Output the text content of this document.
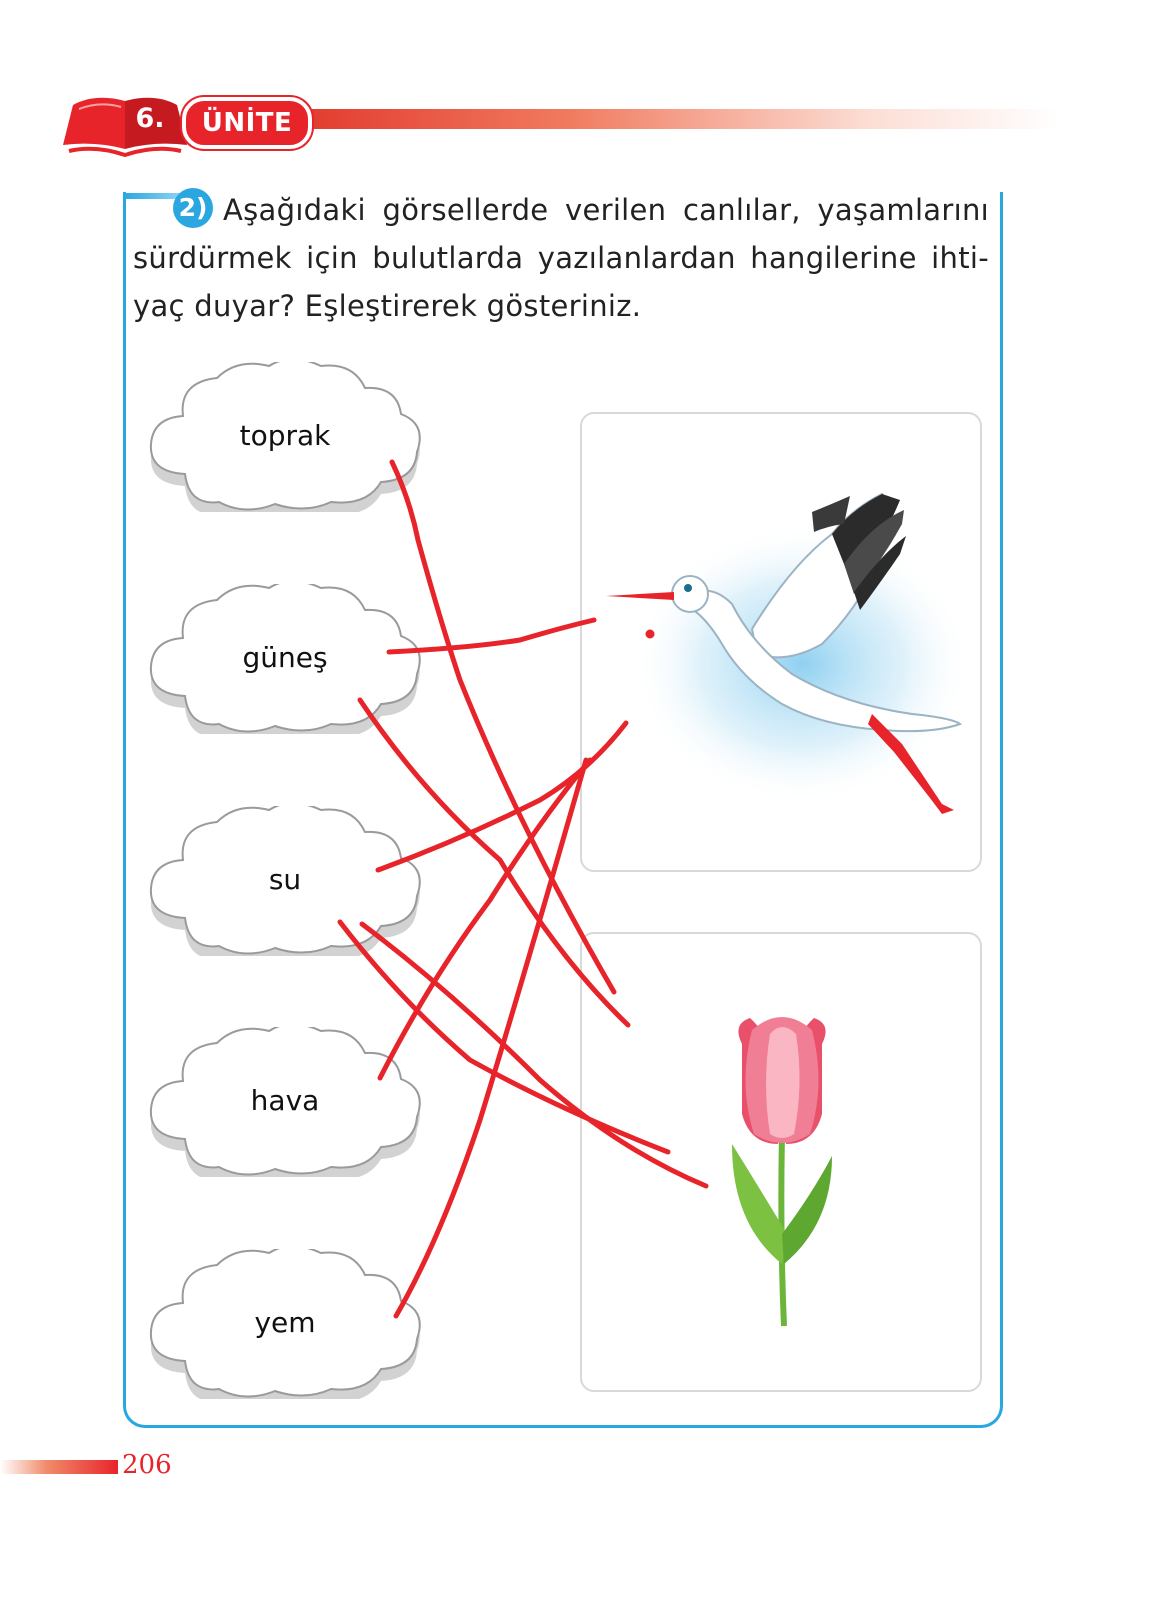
6.	ÜNİTE

Aşağıdaki görsellerde verilen canlılar, yaşamlarını sürdürmek için bulutlarda yazılanlardan hangilerine ihti-yaç duyar? Eşleştirerek gösteriniz.

2)
toprak
güneş
su
hava
yem
206
